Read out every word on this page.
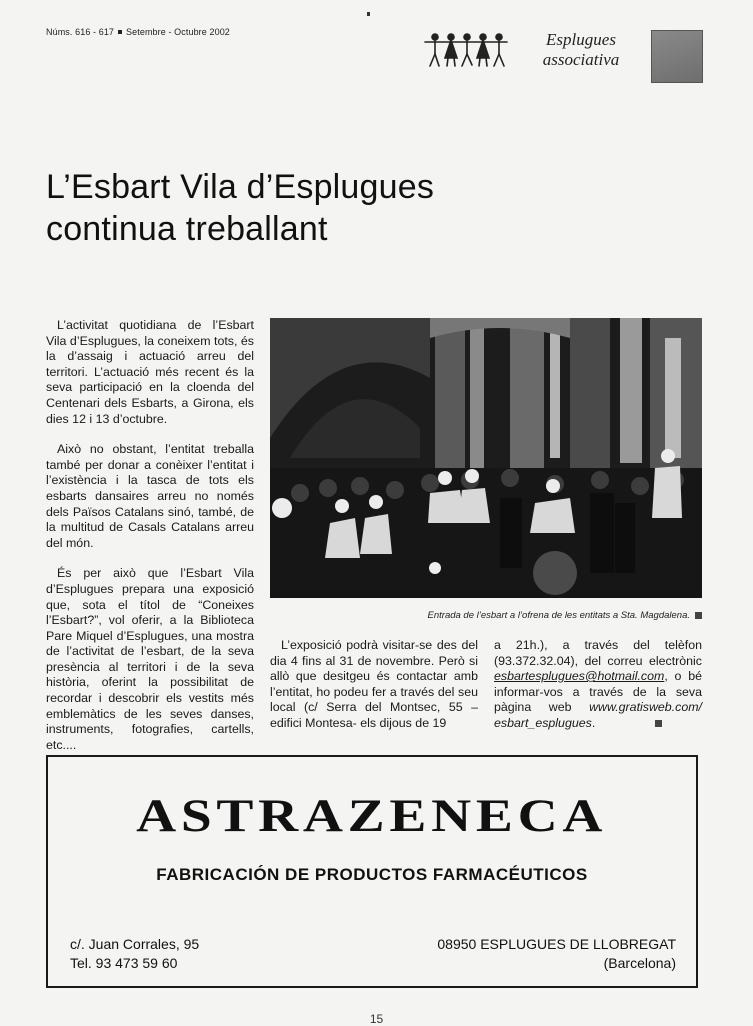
Núms. 616 - 617 Setembre - Octubre 2002	Esplugues
associativa
L’Esbart Vila d’Esplugues
continua treballant

L’activitat quotidiana de l’Esbart Vila d’Esplugues, la coneixem tots, és la d’assaig i actuació arreu del territori. L’actuació més recent és la seva participació en la cloenda del Centenari dels Esbarts, a Girona, els dies 12 i 13 d’octubre.

Això no obstant, l’entitat treballa també per donar a conèixer l’entitat i l’existència i la tasca de tots els esbarts dansaires arreu no només dels Països Catalans sinó, també, de la multitud de Casals Catalans arreu del món.

És per això que l’Esbart Vila d’Esplugues prepara una exposició que, sota el títol de “Coneixes l’Esbart?”, vol oferir, a la Biblioteca Pare Miquel d’Esplugues, una mostra de l’activitat de l’esbart, de la seva presència al territori i de la seva història, oferint la possibilitat de recordar i descobrir els vestits més emblemàtics de les seves danses, instruments, fotografies, cartells, etc....

Entrada de l’esbart a l’ofrena de les entitats a Sta. Magdalena.

L’exposició podrà visitar-se des del dia 4 fins al 31 de novembre. Però si allò que desitgeu és contactar amb l’entitat, ho podeu fer a través del seu local (c/ Serra del Montsec, 55 – edifici Montesa- els dijous de 19

a 21h.), a través del telèfon (93.372.32.04), del correu electrònic esbartesplugues@hotmail.com, o bé informar-vos a través de la seva pàgina web www.gratisweb.com/ esbart_esplugues.

ASTRAZENECA
FABRICACIÓN DE PRODUCTOS FARMACÉUTICOS
c/. Juan Corrales, 95
Tel. 93 473 59 60
08950 ESPLUGUES DE LLOBREGAT
(Barcelona)
15
